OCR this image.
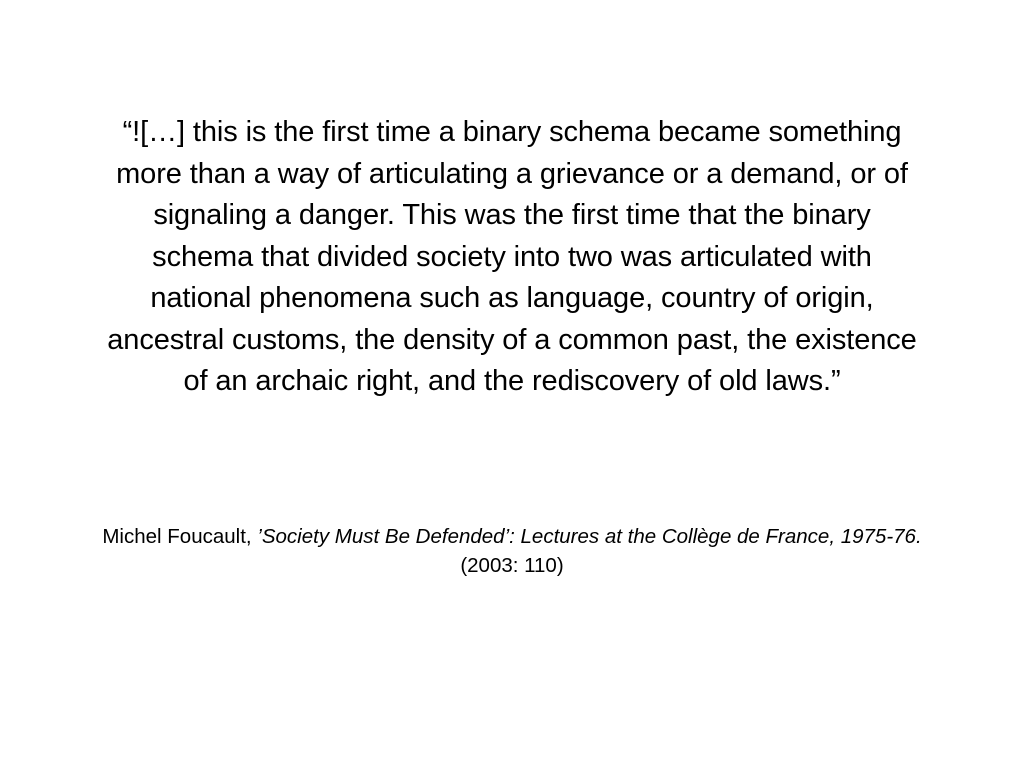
“![…] this is the first time a binary schema became something more than a way of articulating a grievance or a demand, or of signaling a danger. This was the first time that the binary schema that divided society into two was articulated with national phenomena such as language, country of origin, ancestral customs, the density of a common past, the existence of an archaic right, and the rediscovery of old laws.”

Michel Foucault, ’Society Must Be Defended’: Lectures at the Collège de France, 1975-76. (2003: 110)
